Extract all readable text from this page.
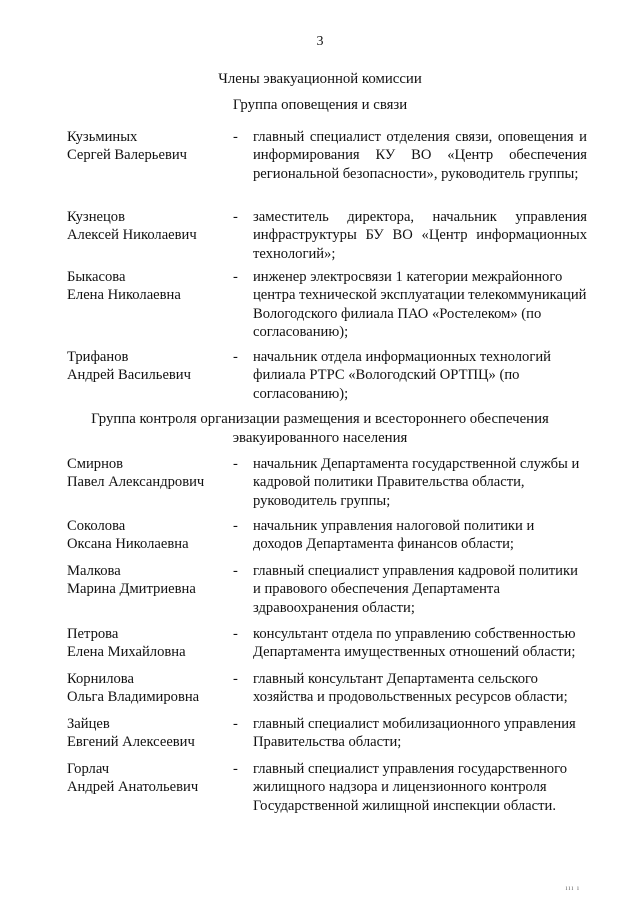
3
Члены эвакуационной комиссии
Группа оповещения и связи
Кузьминых
Сергей Валерьевич
- главный специалист отделения связи, оповещения и информирования КУ ВО «Центр обеспечения региональной безопасности», руководитель группы;
Кузнецов
Алексей Николаевич
- заместитель директора, начальник управления инфраструктуры БУ ВО «Центр информационных технологий»;
Быкасова
Елена Николаевна
- инженер электросвязи 1 категории межрайонного центра технической эксплуатации телекоммуникаций Вологодского филиала ПАО «Ростелеком» (по согласованию);
Трифанов
Андрей Васильевич
- начальник отдела информационных технологий филиала РТРС «Вологодский ОРТПЦ» (по согласованию);
Группа контроля организации размещения и всестороннего обеспечения
эвакуированного населения
Смирнов
Павел Александрович
- начальник Департамента государственной службы и кадровой политики Правительства области, руководитель группы;
Соколова
Оксана Николаевна
- начальник управления налоговой политики и доходов Департамента финансов области;
Малкова
Марина Дмитриевна
- главный специалист управления кадровой политики и правового обеспечения Департамента здравоохранения области;
Петрова
Елена Михайловна
- консультант отдела по управлению собственностью Департамента имущественных отношений области;
Корнилова
Ольга Владимировна
- главный консультант Департамента сельского хозяйства и продовольственных ресурсов области;
Зайцев
Евгений Алексеевич
- главный специалист мобилизационного управления Правительства области;
Горлач
Андрей Анатольевич
- главный специалист управления государственного жилищного надзора и лицензионного контроля Государственной жилищной инспекции области.
ııı ı
